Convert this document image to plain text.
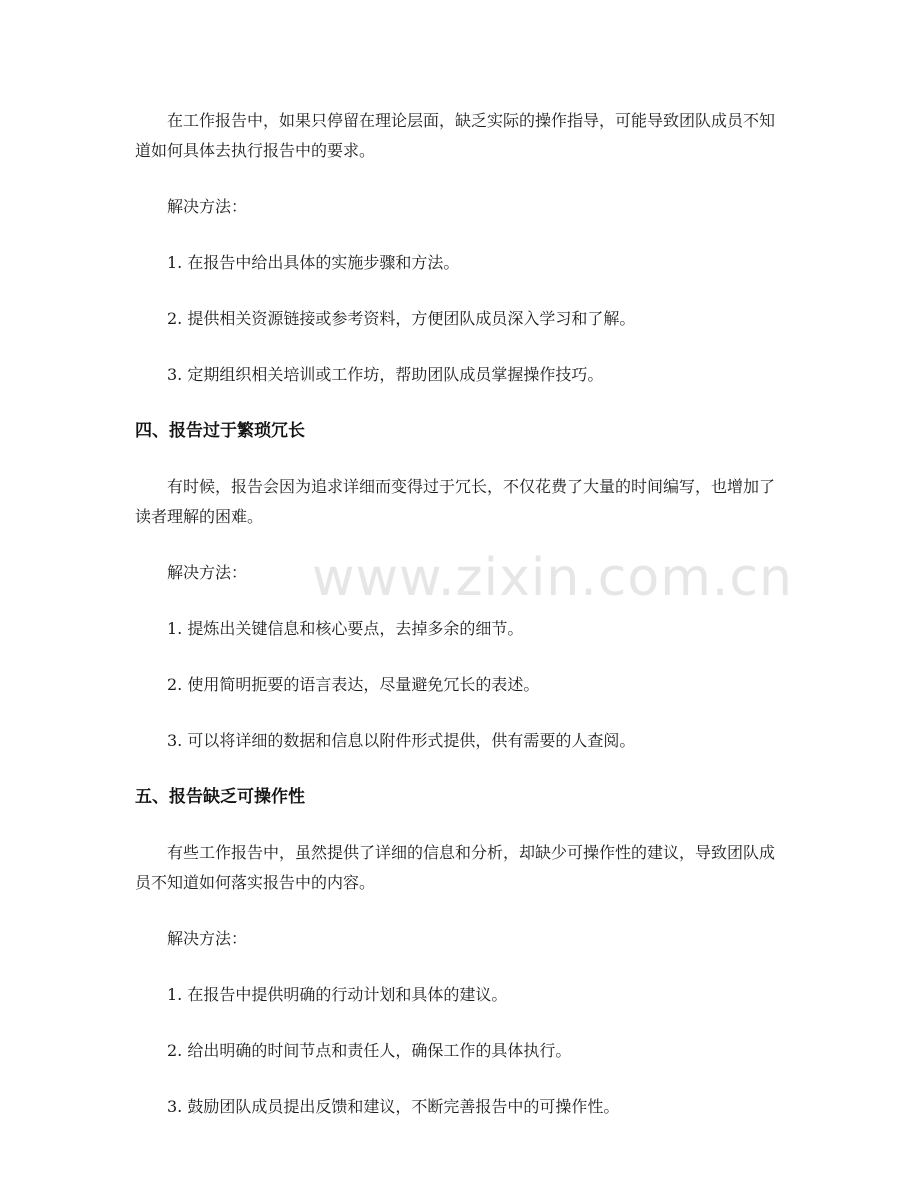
www.zixin.com.cn

在工作报告中，如果只停留在理论层面，缺乏实际的操作指导，可能导致团队成员不知道如何具体去执行报告中的要求。

解决方法：

1. 在报告中给出具体的实施步骤和方法。

2. 提供相关资源链接或参考资料，方便团队成员深入学习和了解。

3. 定期组织相关培训或工作坊，帮助团队成员掌握操作技巧。

四、报告过于繁琐冗长

有时候，报告会因为追求详细而变得过于冗长，不仅花费了大量的时间编写，也增加了读者理解的困难。

解决方法：

1. 提炼出关键信息和核心要点，去掉多余的细节。

2. 使用简明扼要的语言表达，尽量避免冗长的表述。

3. 可以将详细的数据和信息以附件形式提供，供有需要的人查阅。

五、报告缺乏可操作性

有些工作报告中，虽然提供了详细的信息和分析，却缺少可操作性的建议，导致团队成员不知道如何落实报告中的内容。

解决方法：

1. 在报告中提供明确的行动计划和具体的建议。

2. 给出明确的时间节点和责任人，确保工作的具体执行。

3. 鼓励团队成员提出反馈和建议，不断完善报告中的可操作性。
